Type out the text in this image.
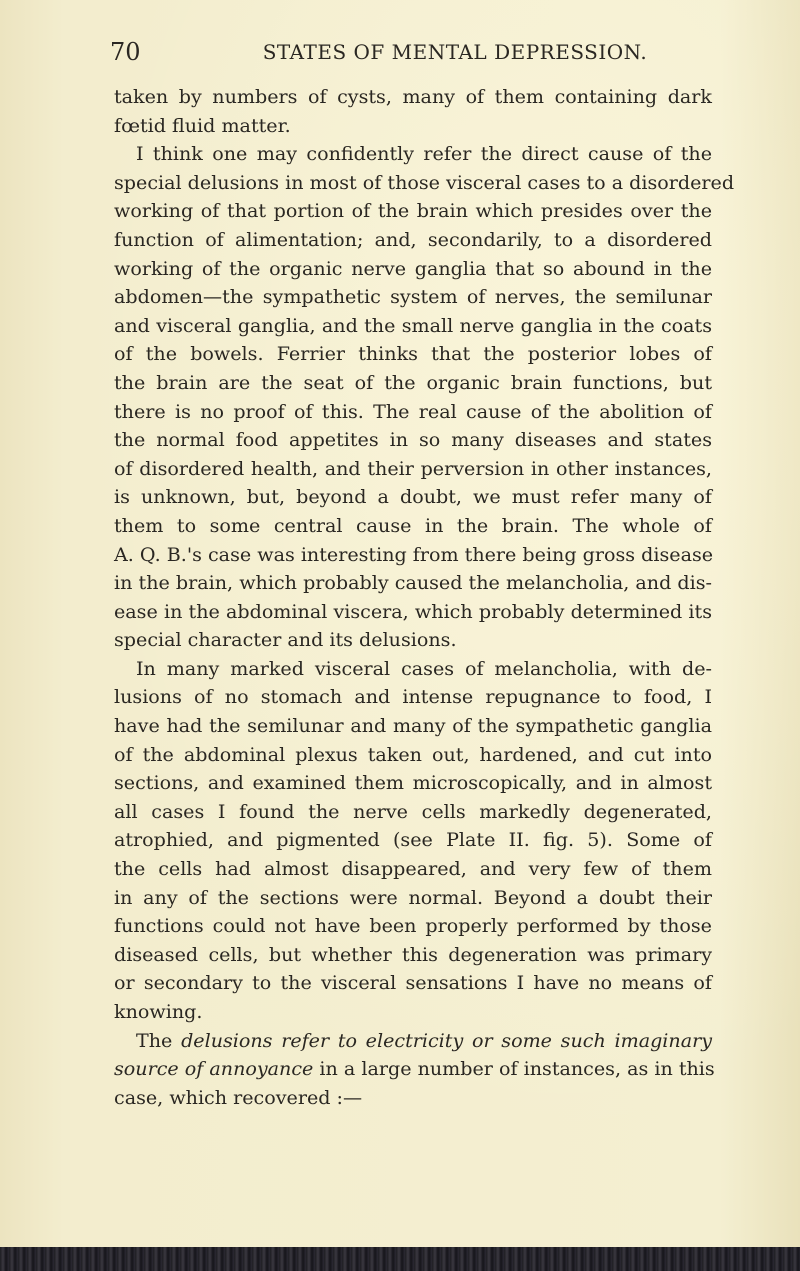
70	STATES OF MENTAL DEPRESSION.

taken by numbers of cysts, many of them containing dark
fœtid fluid matter.

I think one may confidently refer the direct cause of the
special delusions in most of those visceral cases to a disordered
working of that portion of the brain which presides over the
function of alimentation; and, secondarily, to a disordered
working of the organic nerve ganglia that so abound in the
abdomen—the sympathetic system of nerves, the semilunar
and visceral ganglia, and the small nerve ganglia in the coats
of the bowels. Ferrier thinks that the posterior lobes of
the brain are the seat of the organic brain functions, but
there is no proof of this. The real cause of the abolition of
the normal food appetites in so many diseases and states
of disordered health, and their perversion in other instances,
is unknown, but, beyond a doubt, we must refer many of
them to some central cause in the brain. The whole of
A. Q. B.'s case was interesting from there being gross disease
in the brain, which probably caused the melancholia, and dis-
ease in the abdominal viscera, which probably determined its
special character and its delusions.

In many marked visceral cases of melancholia, with de-
lusions of no stomach and intense repugnance to food, I
have had the semilunar and many of the sympathetic ganglia
of the abdominal plexus taken out, hardened, and cut into
sections, and examined them microscopically, and in almost
all cases I found the nerve cells markedly degenerated,
atrophied, and pigmented (see Plate II. fig. 5). Some of
the cells had almost disappeared, and very few of them
in any of the sections were normal. Beyond a doubt their
functions could not have been properly performed by those
diseased cells, but whether this degeneration was primary
or secondary to the visceral sensations I have no means of
knowing.

The delusions refer to electricity or some such imaginary
source of annoyance in a large number of instances, as in this
case, which recovered :—
